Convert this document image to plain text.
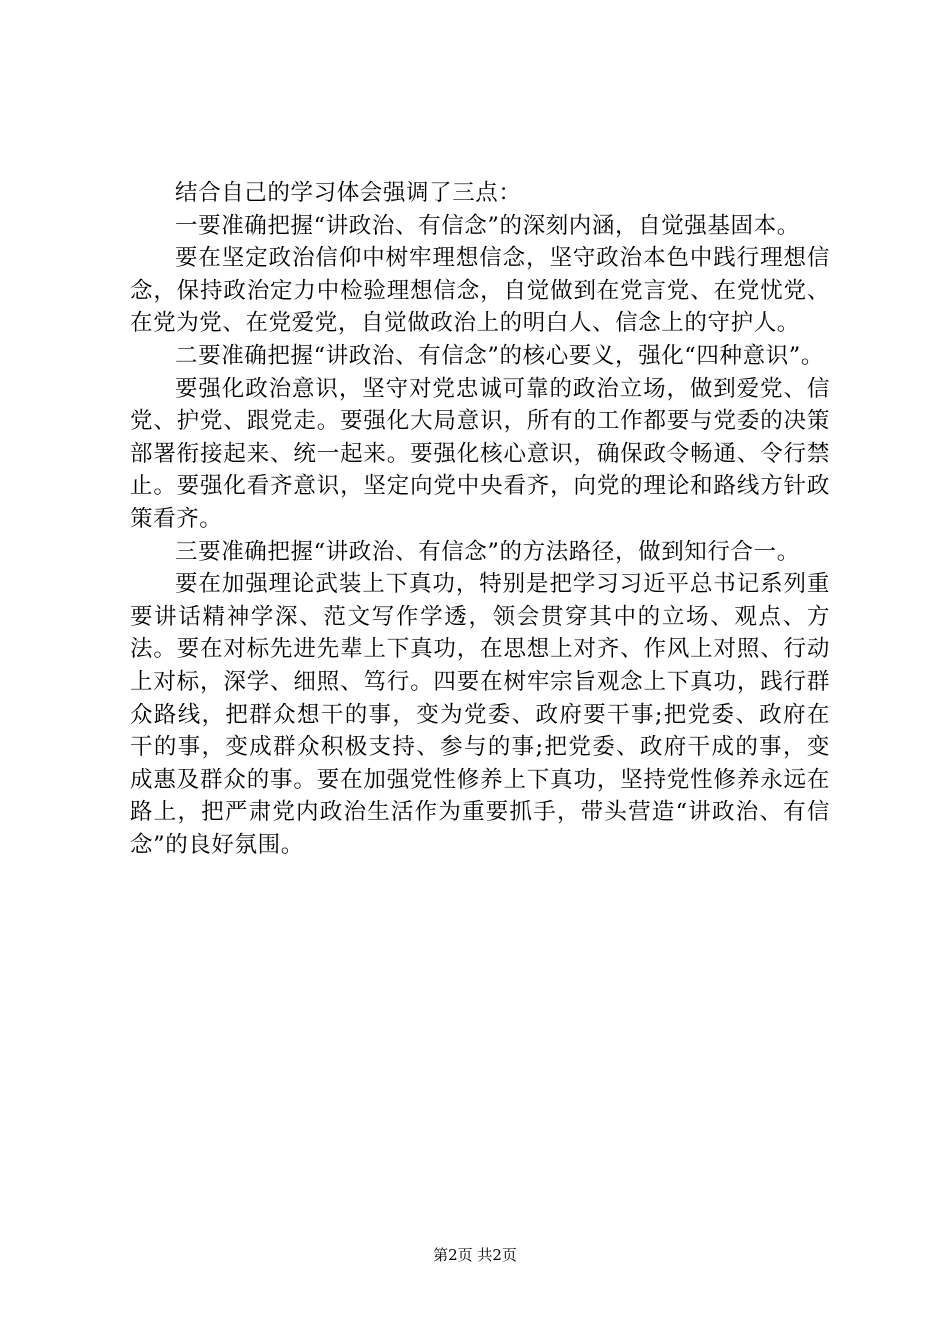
结合自己的学习体会强调了三点：

一要准确把握“讲政治、有信念”的深刻内涵，自觉强基固本。

要在坚定政治信仰中树牢理想信念，坚守政治本色中践行理想信念，保持政治定力中检验理想信念，自觉做到在党言党、在党忧党、在党为党、在党爱党，自觉做政治上的明白人、信念上的守护人。

二要准确把握“讲政治、有信念”的核心要义，强化“四种意识”。

要强化政治意识，坚守对党忠诚可靠的政治立场，做到爱党、信党、护党、跟党走。要强化大局意识，所有的工作都要与党委的决策部署衔接起来、统一起来。要强化核心意识，确保政令畅通、令行禁止。要强化看齐意识，坚定向党中央看齐，向党的理论和路线方针政策看齐。

三要准确把握“讲政治、有信念”的方法路径，做到知行合一。

要在加强理论武装上下真功，特别是把学习习近平总书记系列重要讲话精神学深、范文写作学透，领会贯穿其中的立场、观点、方法。要在对标先进先辈上下真功，在思想上对齐、作风上对照、行动上对标，深学、细照、笃行。四要在树牢宗旨观念上下真功，践行群众路线，把群众想干的事，变为党委、政府要干事;把党委、政府在干的事，变成群众积极支持、参与的事;把党委、政府干成的事，变成惠及群众的事。要在加强党性修养上下真功，坚持党性修养永远在路上，把严肃党内政治生活作为重要抓手，带头营造“讲政治、有信念”的良好氛围。

第2页 共2页
